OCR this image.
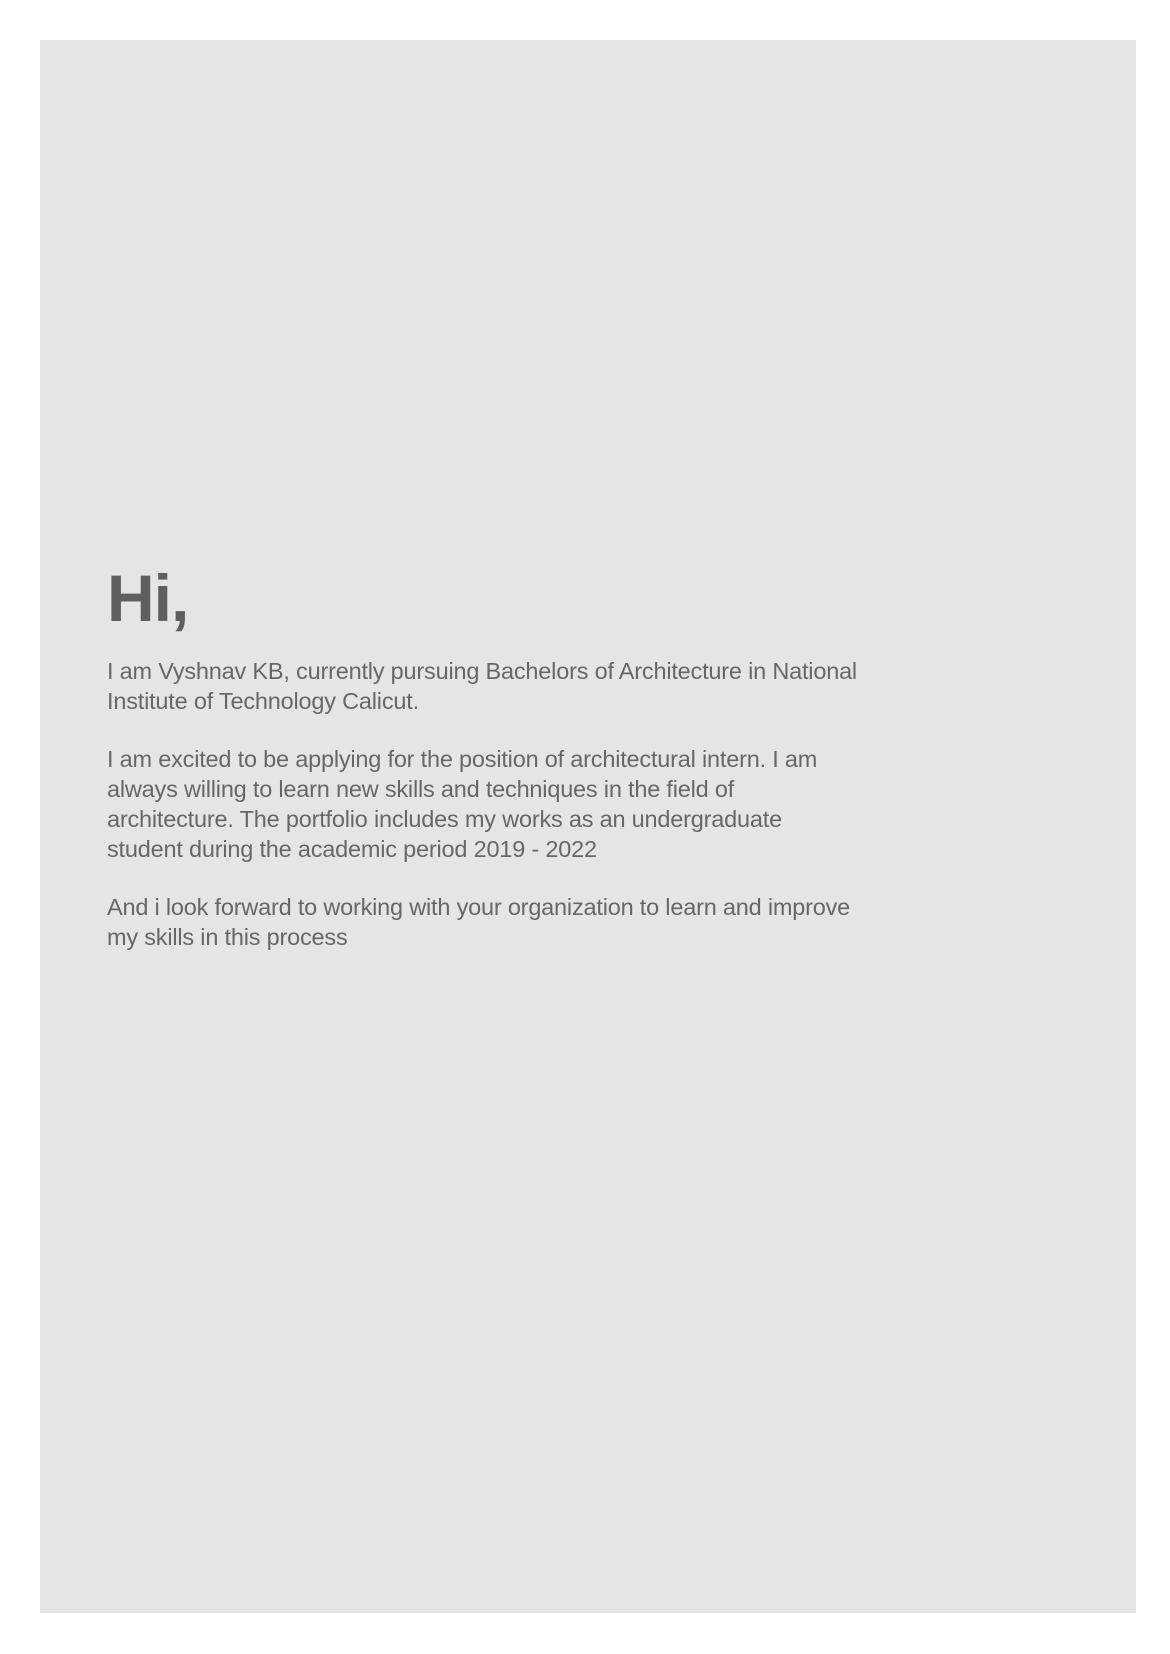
Hi,

I am Vyshnav KB, currently pursuing Bachelors of Architecture in National
Institute of Technology Calicut.

I am excited to be applying for the position of architectural intern. I am
always willing to learn new skills and techniques in the field of
architecture. The portfolio includes my works as an undergraduate
student during the academic period 2019 - 2022

And i look forward to working with your organization to learn and improve
my skills in this process
